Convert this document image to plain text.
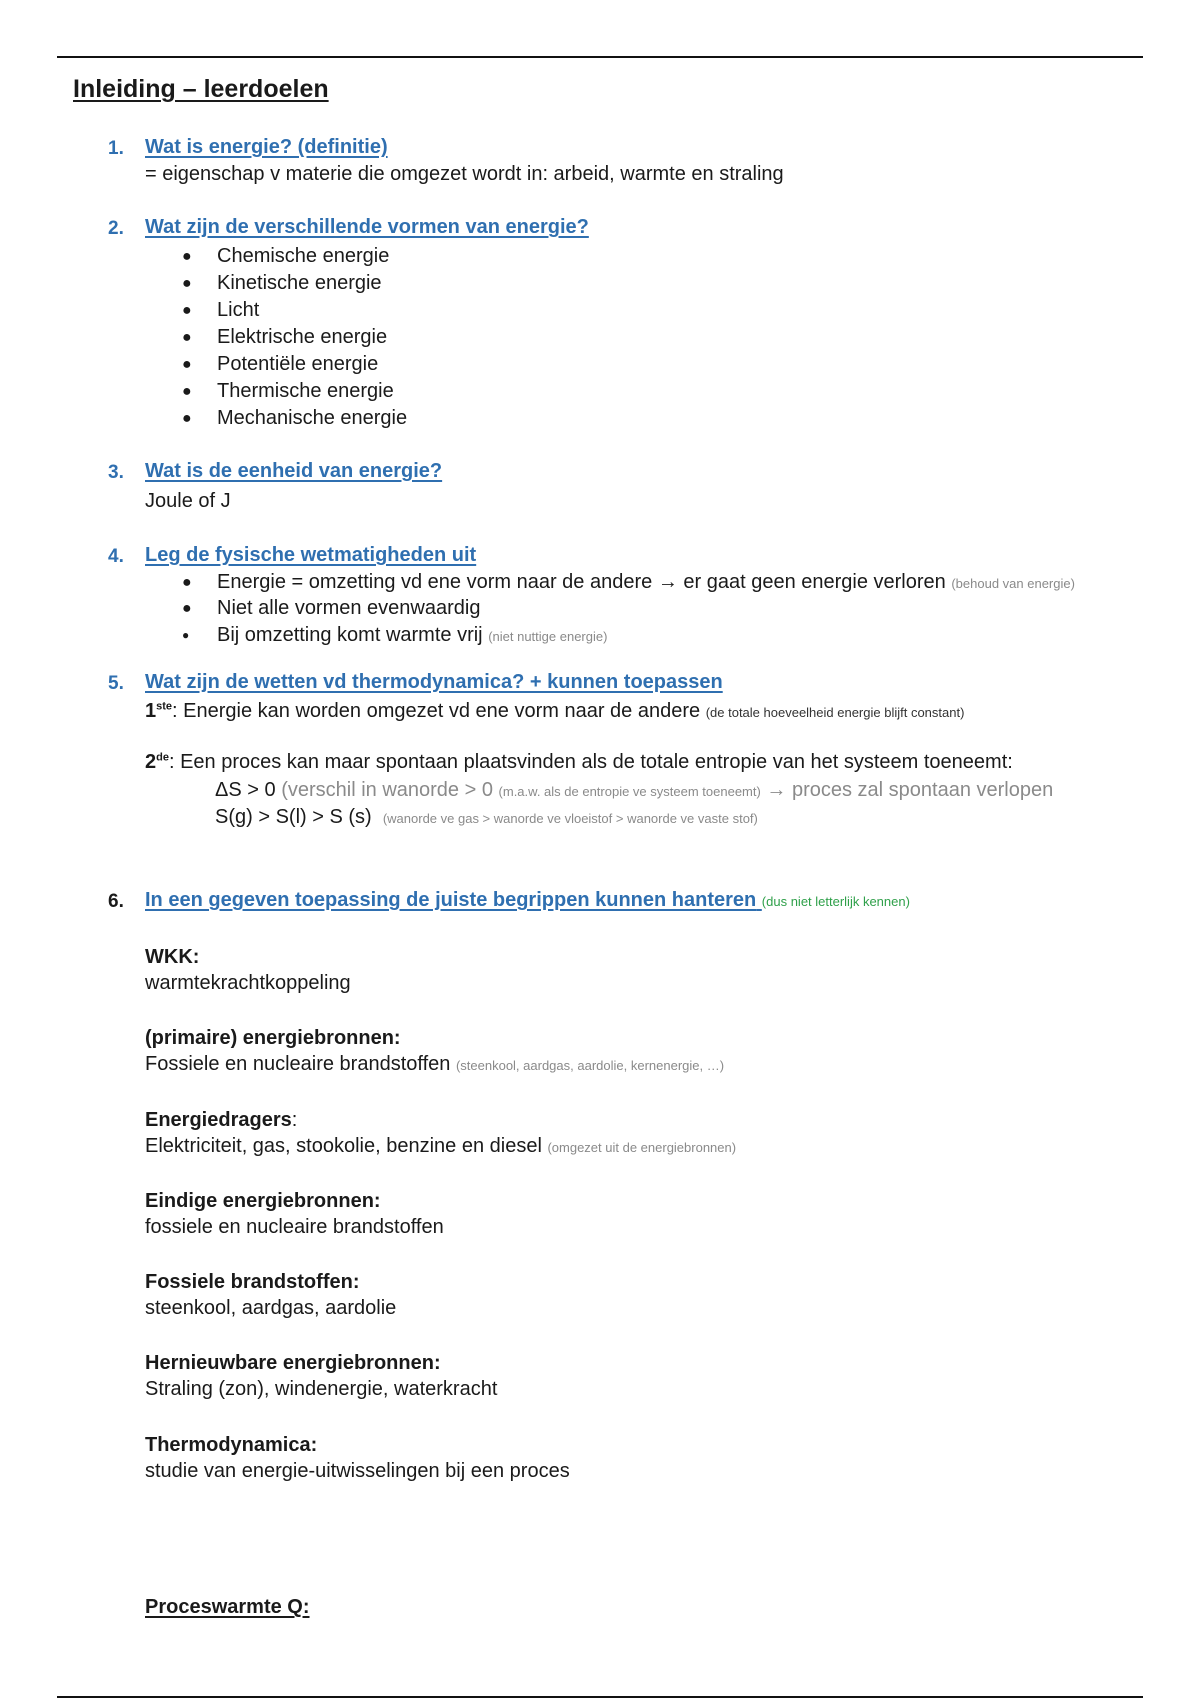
Inleiding – leerdoelen
1. Wat is energie? (definitie)
= eigenschap v materie die omgezet wordt in: arbeid, warmte en straling
2. Wat zijn de verschillende vormen van energie?
● Chemische energie
● Kinetische energie
● Licht
● Elektrische energie
● Potentiële energie
● Thermische energie
● Mechanische energie
3. Wat is de eenheid van energie?
Joule of J
4. Leg de fysische wetmatigheden uit
● Energie = omzetting vd ene vorm naar de andere → er gaat geen energie verloren (behoud van energie)
● Niet alle vormen evenwaardig
● Bij omzetting komt warmte vrij (niet nuttige energie)
5. Wat zijn de wetten vd thermodynamica? + kunnen toepassen
1ste: Energie kan worden omgezet vd ene vorm naar de andere (de totale hoeveelheid energie blijft constant)
2de: Een proces kan maar spontaan plaatsvinden als de totale entropie van het systeem toeneemt:
ΔS > 0 (verschil in wanorde > 0 (m.a.w. als de entropie ve systeem toeneemt) → proces zal spontaan verlopen
S(g) > S(l) > S (s) (wanorde ve gas > wanorde ve vloeistof > wanorde ve vaste stof)
6. In een gegeven toepassing de juiste begrippen kunnen hanteren (dus niet letterlijk kennen)
WKK:
warmtekrachtkoppeling
(primaire) energiebronnen:
Fossiele en nucleaire brandstoffen (steenkool, aardgas, aardolie, kernenergie, …)
Energiedragers:
Elektriciteit, gas, stookolie, benzine en diesel (omgezet uit de energiebronnen)
Eindige energiebronnen:
fossiele en nucleaire brandstoffen
Fossiele brandstoffen:
steenkool, aardgas, aardolie
Hernieuwbare energiebronnen:
Straling (zon), windenergie, waterkracht
Thermodynamica:
studie van energie-uitwisselingen bij een proces
Proceswarmte Q:
